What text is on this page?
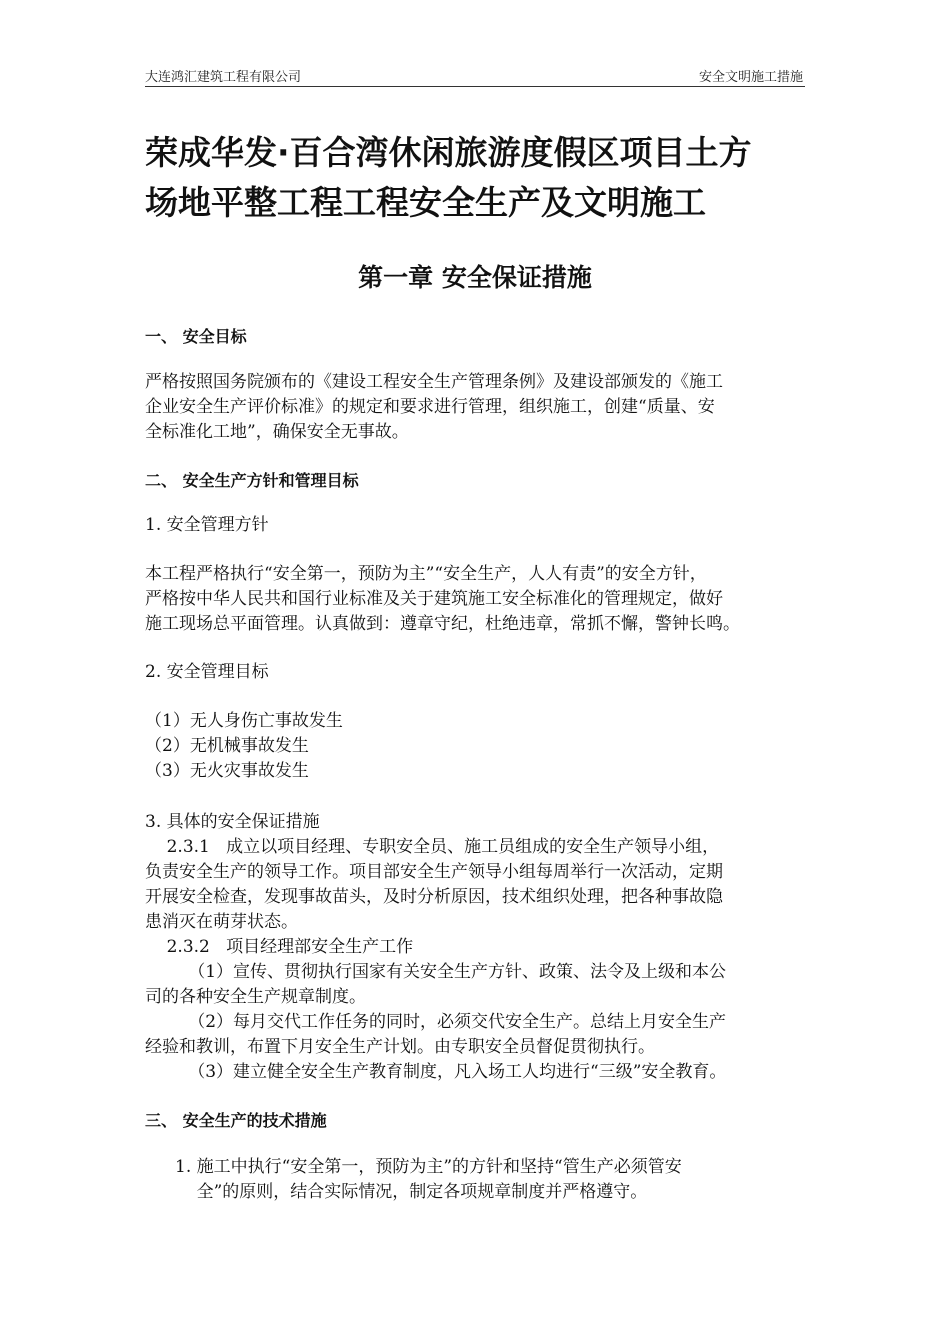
大连鸿汇建筑工程有限公司	安全文明施工措施
荣成华发·百合湾休闲旅游度假区项目土方
场地平整工程工程安全生产及文明施工
第一章 安全保证措施
一、 安全目标
严格按照国务院颁布的《建设工程安全生产管理条例》及建设部颁发的《施工
企业安全生产评价标准》的规定和要求进行管理，组织施工，创建“质量、安
全标准化工地”，确保安全无事故。
二、 安全生产方针和管理目标
1. 安全管理方针
本工程严格执行“安全第一，预防为主”“安全生产，人人有责”的安全方针，
严格按中华人民共和国行业标准及关于建筑施工安全标准化的管理规定，做好
施工现场总平面管理。认真做到：遵章守纪，杜绝违章，常抓不懈，警钟长鸣。
2. 安全管理目标
（1）无人身伤亡事故发生
（2）无机械事故发生
（3）无火灾事故发生
3. 具体的安全保证措施
2.3.1   成立以项目经理、专职安全员、施工员组成的安全生产领导小组，
负责安全生产的领导工作。项目部安全生产领导小组每周举行一次活动，定期
开展安全检查，发现事故苗头，及时分析原因，技术组织处理，把各种事故隐
患消灭在萌芽状态。
2.3.2   项目经理部安全生产工作
（1）宣传、贯彻执行国家有关安全生产方针、政策、法令及上级和本公
司的各种安全生产规章制度。
（2）每月交代工作任务的同时，必须交代安全生产。总结上月安全生产
经验和教训，布置下月安全生产计划。由专职安全员督促贯彻执行。
（3）建立健全安全生产教育制度，凡入场工人均进行“三级”安全教育。
三、 安全生产的技术措施
1. 施工中执行“安全第一，预防为主”的方针和坚持“管生产必须管安
全”的原则，结合实际情况，制定各项规章制度并严格遵守。
